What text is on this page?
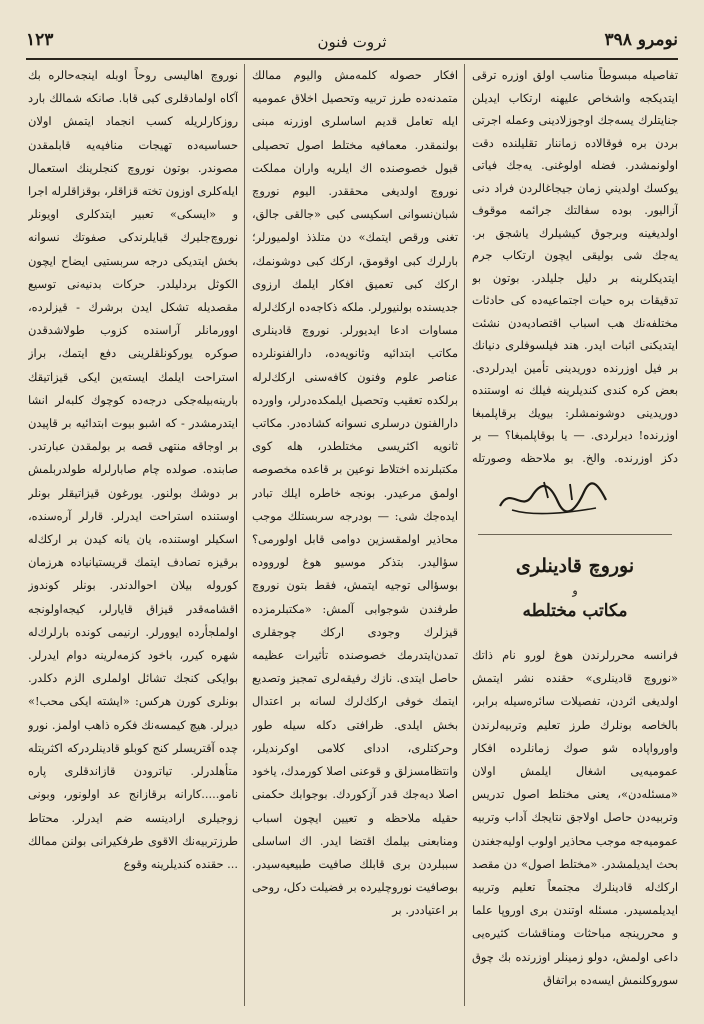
نومرو ۳۹۸
ثروت فنون
۱۲۳

تفاصيله مبسوطاً مناسب اولق اوزره ترقى ايتديكجه واشخاص عليهنه ارتكاب ايديلن جنايتلرك يسه‌جك اوجوزلادينى وعمله اجرتى بردن بره فوقالاده زماننار تقليلنده دقت اولونمشدر. فضله اولوغنى. يه‌جك فياتى يوكسك اولديني زمان جيجاغالردن فراد دنى آزاليور. بوده سفالتك جرائمه موقوف اولديغينه وبرجوق كيشيلرك ياشجق بر. يه‌جك شى بوليقى ايچون ارتكاب جرم ايتديكلرينه بر دليل جليلدر. بوتون بو تدقيقات بره حيات اجتماعيه‌ده كى حادثات مختلفه‌نك هب اسباب اقتصاديه‌دن نشئت ايتديكنى اثبات ايدر. هند فيلسوفلرى دنيانك بر فيل اوزرنده دوريدينى تأمين ايدرلردى. بعض كره كندى كنديلرينه فيلك نه اوستنده دوريدينى دوشونمشلر: بيويك برقاپلمبغا اوزرنده! ديرلردى. — يا بوقاپلمبغا؟ — بر دكز اوزرنده. والخ. بو ملاحظه وصورتله

نوروچ قادينلرى
و
مكاتب مختلطه

فرانسه محررلرندن هوغ لورو نام ذاتك «نوروچ قادينلرى» حقنده نشر ايتمش اولديغى اثردن، تفصيلات سائره‌سيله برابر، بالخاصه بونلرك طرز تعليم وتربيه‌لرندن واورواپاده شو صوك زمانلرده افكار عموميه‌يى اشغال ايلمش اولان «مسئله‌دن»، يعنى مختلط اصول تدريس وتربيه‌دن حاصل اولاجق نتايجك آداب وتربيه عموميه‌جه موجب محاذير اولوب اوليه‌جغندن بحث ايديلمشدر. «مختلط اصول» دن مقصد اركك‌له قادينلرك مجتمعاً تعليم وتربيه ايديلمسيدر. مسئله اوتندن برى اوروپا علما و محررينجه مباحثات ومناقشات كثيره‌يى داعى اولمش، دولو زمينلر اوزرنده بك چوق سوروكلنمش ايسه‌ده براتفاق

افكار حصوله كلمه‌مش واليوم ممالك متمدنه‌ده طرز تربيه وتحصيل اخلاق عموميه ايله تعامل قديم اساسلرى اوزرنه مبنى بولنمقدر. معمافيه مختلط اصول تحصيلى قبول خصوصنده اك ايلريه واران مملكت نوروچ اولديغى محققدر. اليوم نوروچ شبان‌نسوانى اسكيسى كبى «جالقى جالق، تغنى ورقص ايتمك» دن متلذذ اولميورلر؛ بارلرك كبى اوقومق، اركك كبى دوشونمك، اركك كبى تعميق افكار ايلمك ارزوى جديسنده بولنيورلر. ملكه ذكاجه‌ده اركك‌لرله مساوات ادعا ايديورلر. نوروچ قادينلرى مكاتب ابتدائيه وثانويه‌ده، دارالفنونلرده عناصر علوم وفنون كافه‌سنى اركك‌لرله برلكده تعقيب وتحصيل ايلمكده‌درلر، واورده دارالفنون درسلرى نسوانه كشاده‌در. مكاتب ثانويه اكثريسى مختلطدر، هله كوى مكتبلرنده اختلاط نوعين بر قاعده مخصوصه اولمق مرعيدر. بونجه خاطره ايلك تبادر ايده‌جك شى: — بودرجه سربستلك موجب محاذير اولمقسزين دوامى قابل اولورمى؟ سؤاليدر. بتذكر موسيو هوغ لورووده بوسؤالى توجيه ايتمش، فقط بتون نوروچ طرفندن شوجوابى آلمش: «مكتبلرمزده قيزلرك وجودى اركك چوجقلرى تمدن‌ايتدرمك خصوصنده تأثيرات عظيمه حاصل ايتدى. نازك رفيقه‌لرى تمجيز وتصديع ايتمك خوفى اركك‌لرك لسانه بر اعتدال بخش ايلدى. ظرافتى دكله سيله طور وحركتلرى، ادداى كلامى اوكرنديلر، وانتظامسزلق و قوعنى اصلا كورمدك، ياخود اصلا ديه‌جك قدر آزكوردك. بوجوابك حكمنى حقيله ملاحظه و تعيين ايچون اسباب ومنابعنى بيلمك اقتضا ايدر. اك اساسلى سببلردن برى قابلك صافيت طبيعيه‌سيدر. بوصافيت نوروچليرده بر فضيلت دكل، روحى بر اعتياددر. بر

نوروچ اهاليسى روحاً اوبله اينجه‌حالره بك آكاه اولمادقلرى كبى قابا. صانكه شمالك بارد روزكارلريله كسب انجماد ايتمش اولان حساسيه‌ده تهيجات منافيه‌يه قابلمقدن مصوندر. بوتون نوروچ كنجلرينك استعمال ايله‌كلرى اوزون تخته قزاقلر، بوقزاقلرله اجرا و «ايسكى» تعبير ايتدكلرى اويونلر نوروچ‌جليرك قبايلرندكى صفوتك نسوانه بخش ايتديكى درجه سربستيى ايضاح ايچون الكوثل بردليلدر. حركات بدنيه‌نى توسيع مقصديله تشكل ايدن برشرك - قيزلرده، اوورمانلر آراسنده كزوب طولاشدقدن صوكره يوركونلقلرينى دفع ايتمك، براز استراحت ايلمك ايسته‌ين ايكى قيزاتيقك بارينه‌بيله‌جكى درجه‌ده كوچوك كلبه‌لر انشا ايتدرمشدر - كه اشبو بيوت ابتدائيه بر قاپيدن بر اوجاقه منتهى قصه بر بولمقدن عبارتدر. صابنده. صولده چام صابارلرله طولدربلمش بر دوشك بولنور. يورغون قيزاتيقلر بونلر اوستنده استراحت ايدرلر. قارلر آرەسنده، اسكيلر اوستنده، يان يانه كيدن بر اركك‌له برقيزه تصادف ايتمك قريستيانياده هرزمان كوروله بيلان احوالدندر. بونلر كوندوز اقشامه‌قدر قيزاق قايارلر، كيجه‌اولونجه اولملجأرده ايوورلر. ارنيمى كونده بارلرك‌له شهره كيرر، باخود كزمه‌لرينه دوام ايدرلر. بوايكى كنجك تشائل اولملرى الزم دكلدر. بونلرى كورن هركس: «ايشته ايكى محب!» ديرلر. هيچ كيمسه‌نك فكره ذاهب اولمز. نورو چده آقتريسلر كنج كوبلو قادينلردركه اكثريتله متأهلدرلر. تياترودن قازاندقلرى پاره نامو.....كارانه برقازانج عد اولونور، وبونى زوجيلرى ارادينسه ضم ايدرلر. محتاط طرزتربيه‌نك الاقوى طرفكيرانى بولنن ممالك ... حقنده كنديلرينه وقوع
